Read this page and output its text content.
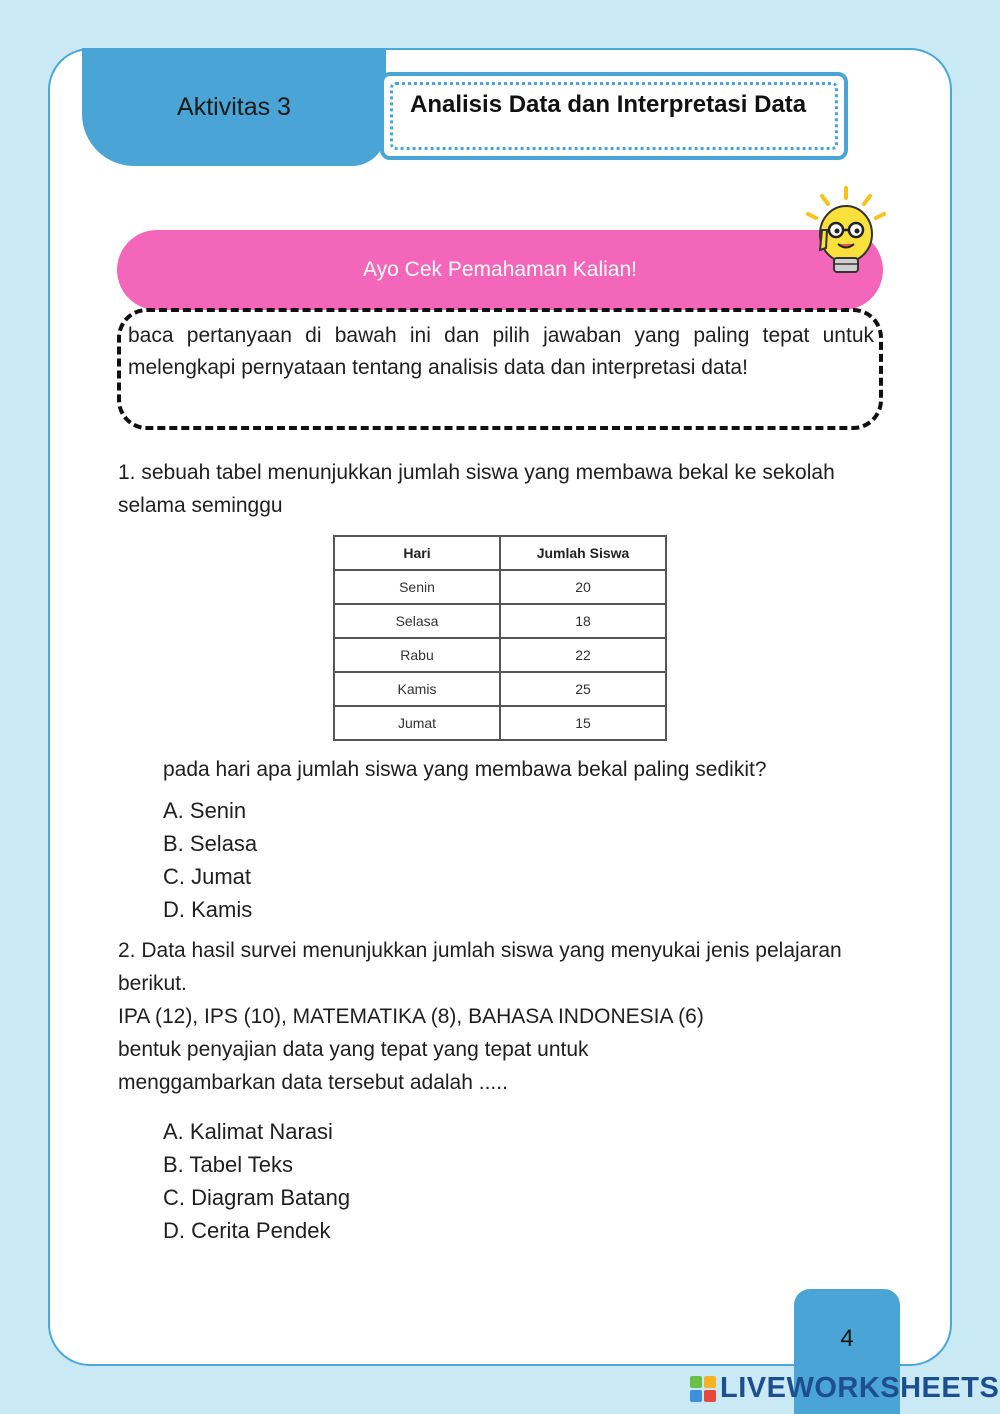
Aktivitas 3	Analisis Data dan Interpretasi Data
Ayo Cek Pemahaman Kalian!

baca pertanyaan di bawah ini dan pilih jawaban yang paling tepat untuk melengkapi pernyataan tentang analisis data dan interpretasi data!

1. sebuah tabel menunjukkan jumlah siswa yang membawa bekal ke sekolah selama seminggu

Hari	Jumlah Siswa
Senin	20
Selasa	18
Rabu	22
Kamis	25
Jumat	15

pada hari apa jumlah siswa yang membawa bekal paling sedikit?

A. Senin
B. Selasa
C. Jumat
D. Kamis

2. Data hasil survei menunjukkan jumlah siswa yang menyukai jenis pelajaran berikut.

IPA (12), IPS (10), MATEMATIKA (8), BAHASA INDONESIA (6)

bentuk penyajian data yang tepat yang tepat untuk menggambarkan data tersebut adalah .....

A. Kalimat Narasi
B. Tabel Teks
C. Diagram Batang
D. Cerita Pendek
4
LIVEWORKSHEETS
